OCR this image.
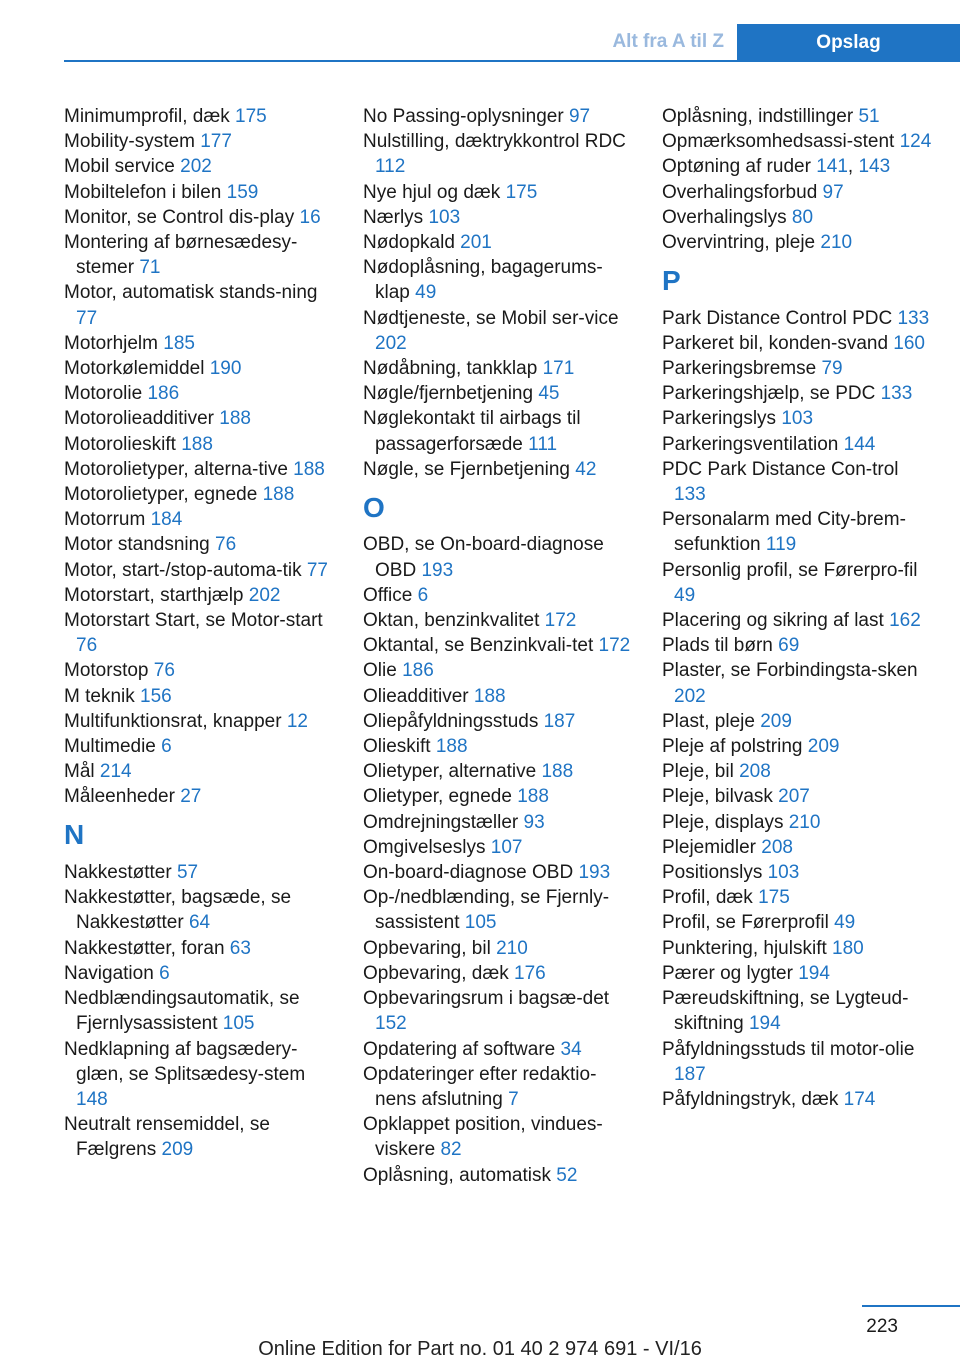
Alt fra A til Z	Opslag
Minimumprofil, dæk 175
Mobility-system 177
Mobil service 202
Mobiltelefon i bilen 159
Monitor, se Control dis-play 16
Montering af børnesædesy-stemer 71
Motor, automatisk stands-ning 77
Motorhjelm 185
Motorkølemiddel 190
Motorolie 186
Motorolieadditiver 188
Motorolieskift 188
Motorolietyper, alterna-tive 188
Motorolietyper, egnede 188
Motorrum 184
Motor standsning 76
Motor, start-/stop-automa-tik 77
Motorstart, starthjælp 202
Motorstart Start, se Motor-start 76
Motorstop 76
M teknik 156
Multifunktionsrat, knapper 12
Multimedie 6
Mål 214
Måleenheder 27
N
Nakkestøtter 57
Nakkestøtter, bagsæde, se Nakkestøtter 64
Nakkestøtter, foran 63
Navigation 6
Nedblændingsautomatik, se Fjernlysassistent 105
Nedklapning af bagsædery-glæn, se Splitsædesy-stem 148
Neutralt rensemiddel, se Fælgrens 209
No Passing-oplysninger 97
Nulstilling, dæktrykkontrol RDC 112
Nye hjul og dæk 175
Nærlys 103
Nødopkald 201
Nødoplåsning, bagagerums-klap 49
Nødtjeneste, se Mobil ser-vice 202
Nødåbning, tankklap 171
Nøgle/fjernbetjening 45
Nøglekontakt til airbags til passagerforsæde 111
Nøgle, se Fjernbetjening 42
O
OBD, se On-board-diagnose OBD 193
Office 6
Oktan, benzinkvalitet 172
Oktantal, se Benzinkvali-tet 172
Olie 186
Olieadditiver 188
Oliepåfyldningsstuds 187
Olieskift 188
Olietyper, alternative 188
Olietyper, egnede 188
Omdrejningstæller 93
Omgivelseslys 107
On-board-diagnose OBD 193
Op-/nedblænding, se Fjernly-sassistent 105
Opbevaring, bil 210
Opbevaring, dæk 176
Opbevaringsrum i bagsæ-det 152
Opdatering af software 34
Opdateringer efter redaktio-nens afslutning 7
Opklappet position, vindues-viskere 82
Oplåsning, automatisk 52
Oplåsning, indstillinger 51
Opmærksomhedsassi-stent 124
Optøning af ruder 141, 143
Overhalingsforbud 97
Overhalingslys 80
Overvintring, pleje 210
P
Park Distance Control PDC 133
Parkeret bil, konden-svand 160
Parkeringsbremse 79
Parkeringshjælp, se PDC 133
Parkeringslys 103
Parkeringsventilation 144
PDC Park Distance Con-trol 133
Personalarm med City-brem-sefunktion 119
Personlig profil, se Førerpro-fil 49
Placering og sikring af last 162
Plads til børn 69
Plaster, se Forbindingsta-sken 202
Plast, pleje 209
Pleje af polstring 209
Pleje, bil 208
Pleje, bilvask 207
Pleje, displays 210
Plejemidler 208
Positionslys 103
Profil, dæk 175
Profil, se Førerprofil 49
Punktering, hjulskift 180
Pærer og lygter 194
Pæreudskiftning, se Lygteud-skiftning 194
Påfyldningsstuds til motor-olie 187
Påfyldningstryk, dæk 174
223
Online Edition for Part no. 01 40 2 974 691 - VI/16
